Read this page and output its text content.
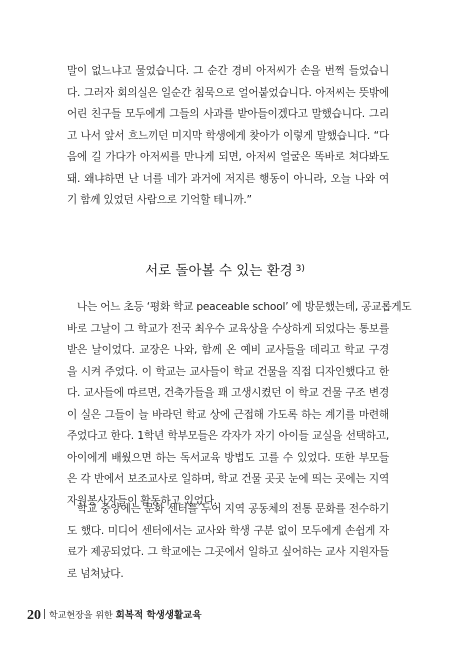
말이 없느냐고 물었습니다. 그 순간 경비 아저씨가 손을 번쩍 들었습니
다. 그러자 회의실은 일순간 침묵으로 얼어붙었습니다. 아저씨는 뜻밖에
어린 친구들 모두에게 그들의 사과를 받아들이겠다고 말했습니다. 그리
고 나서 앞서 흐느끼던 미지막 학생에게 찾아가 이렇게 말했습니다. “다
음에 길 가다가 아저씨를 만나게 되면, 아저씨 얼굴은 똑바로 쳐다봐도
돼. 왜냐하면 난 너를 네가 과거에 저지른 행동이 아니라, 오늘 나와 여
기 함께 있었던 사람으로 기억할 테니까.”
서로 돌아볼 수 있는 환경 $^{3)}$
나는 어느 초등 ‘평화 학교 peaceable school’ 에 방문했는데, 공교롭게도
바로 그날이 그 학교가 전국 최우수 교육상을 수상하게 되었다는 통보를
받은 날이었다. 교장은 나와, 함께 온 예비 교사들을 데리고 학교 구경
을 시켜 주었다. 이 학교는 교사들이 학교 건물을 직접 디자인했다고 한
다. 교사들에 따르면, 건축가들을 꽤 고생시켰던 이 학교 건물 구조 변경
이 실은 그들이 늘 바라던 학교 상에 근접해 가도록 하는 계기를 마련해
주었다고 한다. 1학년 학부모들은 각자가 자기 아이들 교실을 선택하고,
아이에게 배웠으면 하는 독서교육 방법도 고를 수 있었다. 또한 부모들
은 각 반에서 보조교사로 일하며, 학교 건물 곳곳 눈에 띄는 곳에는 지역
자원봉사자들이 활동하고 있었다.
학교 중앙에는 문화 센터를 두어 지역 공동체의 전통 문화를 전수하기
도 했다. 미디어 센터에서는 교사와 학생 구분 없이 모두에게 손쉽게 자
료가 제공되었다. 그 학교에는 그곳에서 일하고 싶어하는 교사 지원자들
로 넘쳐났다.
20 학교현장을 위한 회복적 학생생활교육
